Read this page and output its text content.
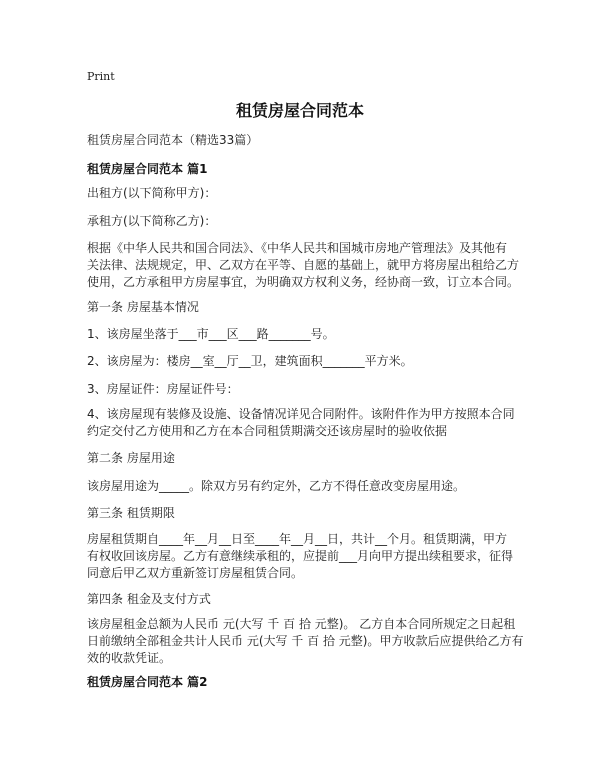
Print
租赁房屋合同范本
租赁房屋合同范本（精选33篇）
租赁房屋合同范本 篇1
出租方(以下简称甲方)：
承租方(以下简称乙方)：
根据《中华人民共和国合同法》、《中华人民共和国城市房地产管理法》及其他有
关法律、法规规定，甲、乙双方在平等、自愿的基础上，就甲方将房屋出租给乙方
使用，乙方承租甲方房屋事宜，为明确双方权利义务，经协商一致，订立本合同。
第一条 房屋基本情况
1、该房屋坐落于___市___区___路_______号。
2、该房屋为：楼房__室__厅__卫，建筑面积_______平方米。
3、房屋证件：房屋证件号：
4、该房屋现有装修及设施、设备情况详见合同附件。该附件作为甲方按照本合同
约定交付乙方使用和乙方在本合同租赁期满交还该房屋时的验收依据
第二条 房屋用途
该房屋用途为_____。除双方另有约定外，乙方不得任意改变房屋用途。
第三条 租赁期限
房屋租赁期自____年__月__日至____年__月__日，共计__个月。租赁期满，甲方
有权收回该房屋。乙方有意继续承租的，应提前___月向甲方提出续租要求，征得
同意后甲乙双方重新签订房屋租赁合同。
第四条 租金及支付方式
该房屋租金总额为人民币 元(大写 千 百 拾 元整)。 乙方自本合同所规定之日起租
日前缴纳全部租金共计人民币 元(大写 千 百 拾 元整)。甲方收款后应提供给乙方有
效的收款凭证。
租赁房屋合同范本 篇2
